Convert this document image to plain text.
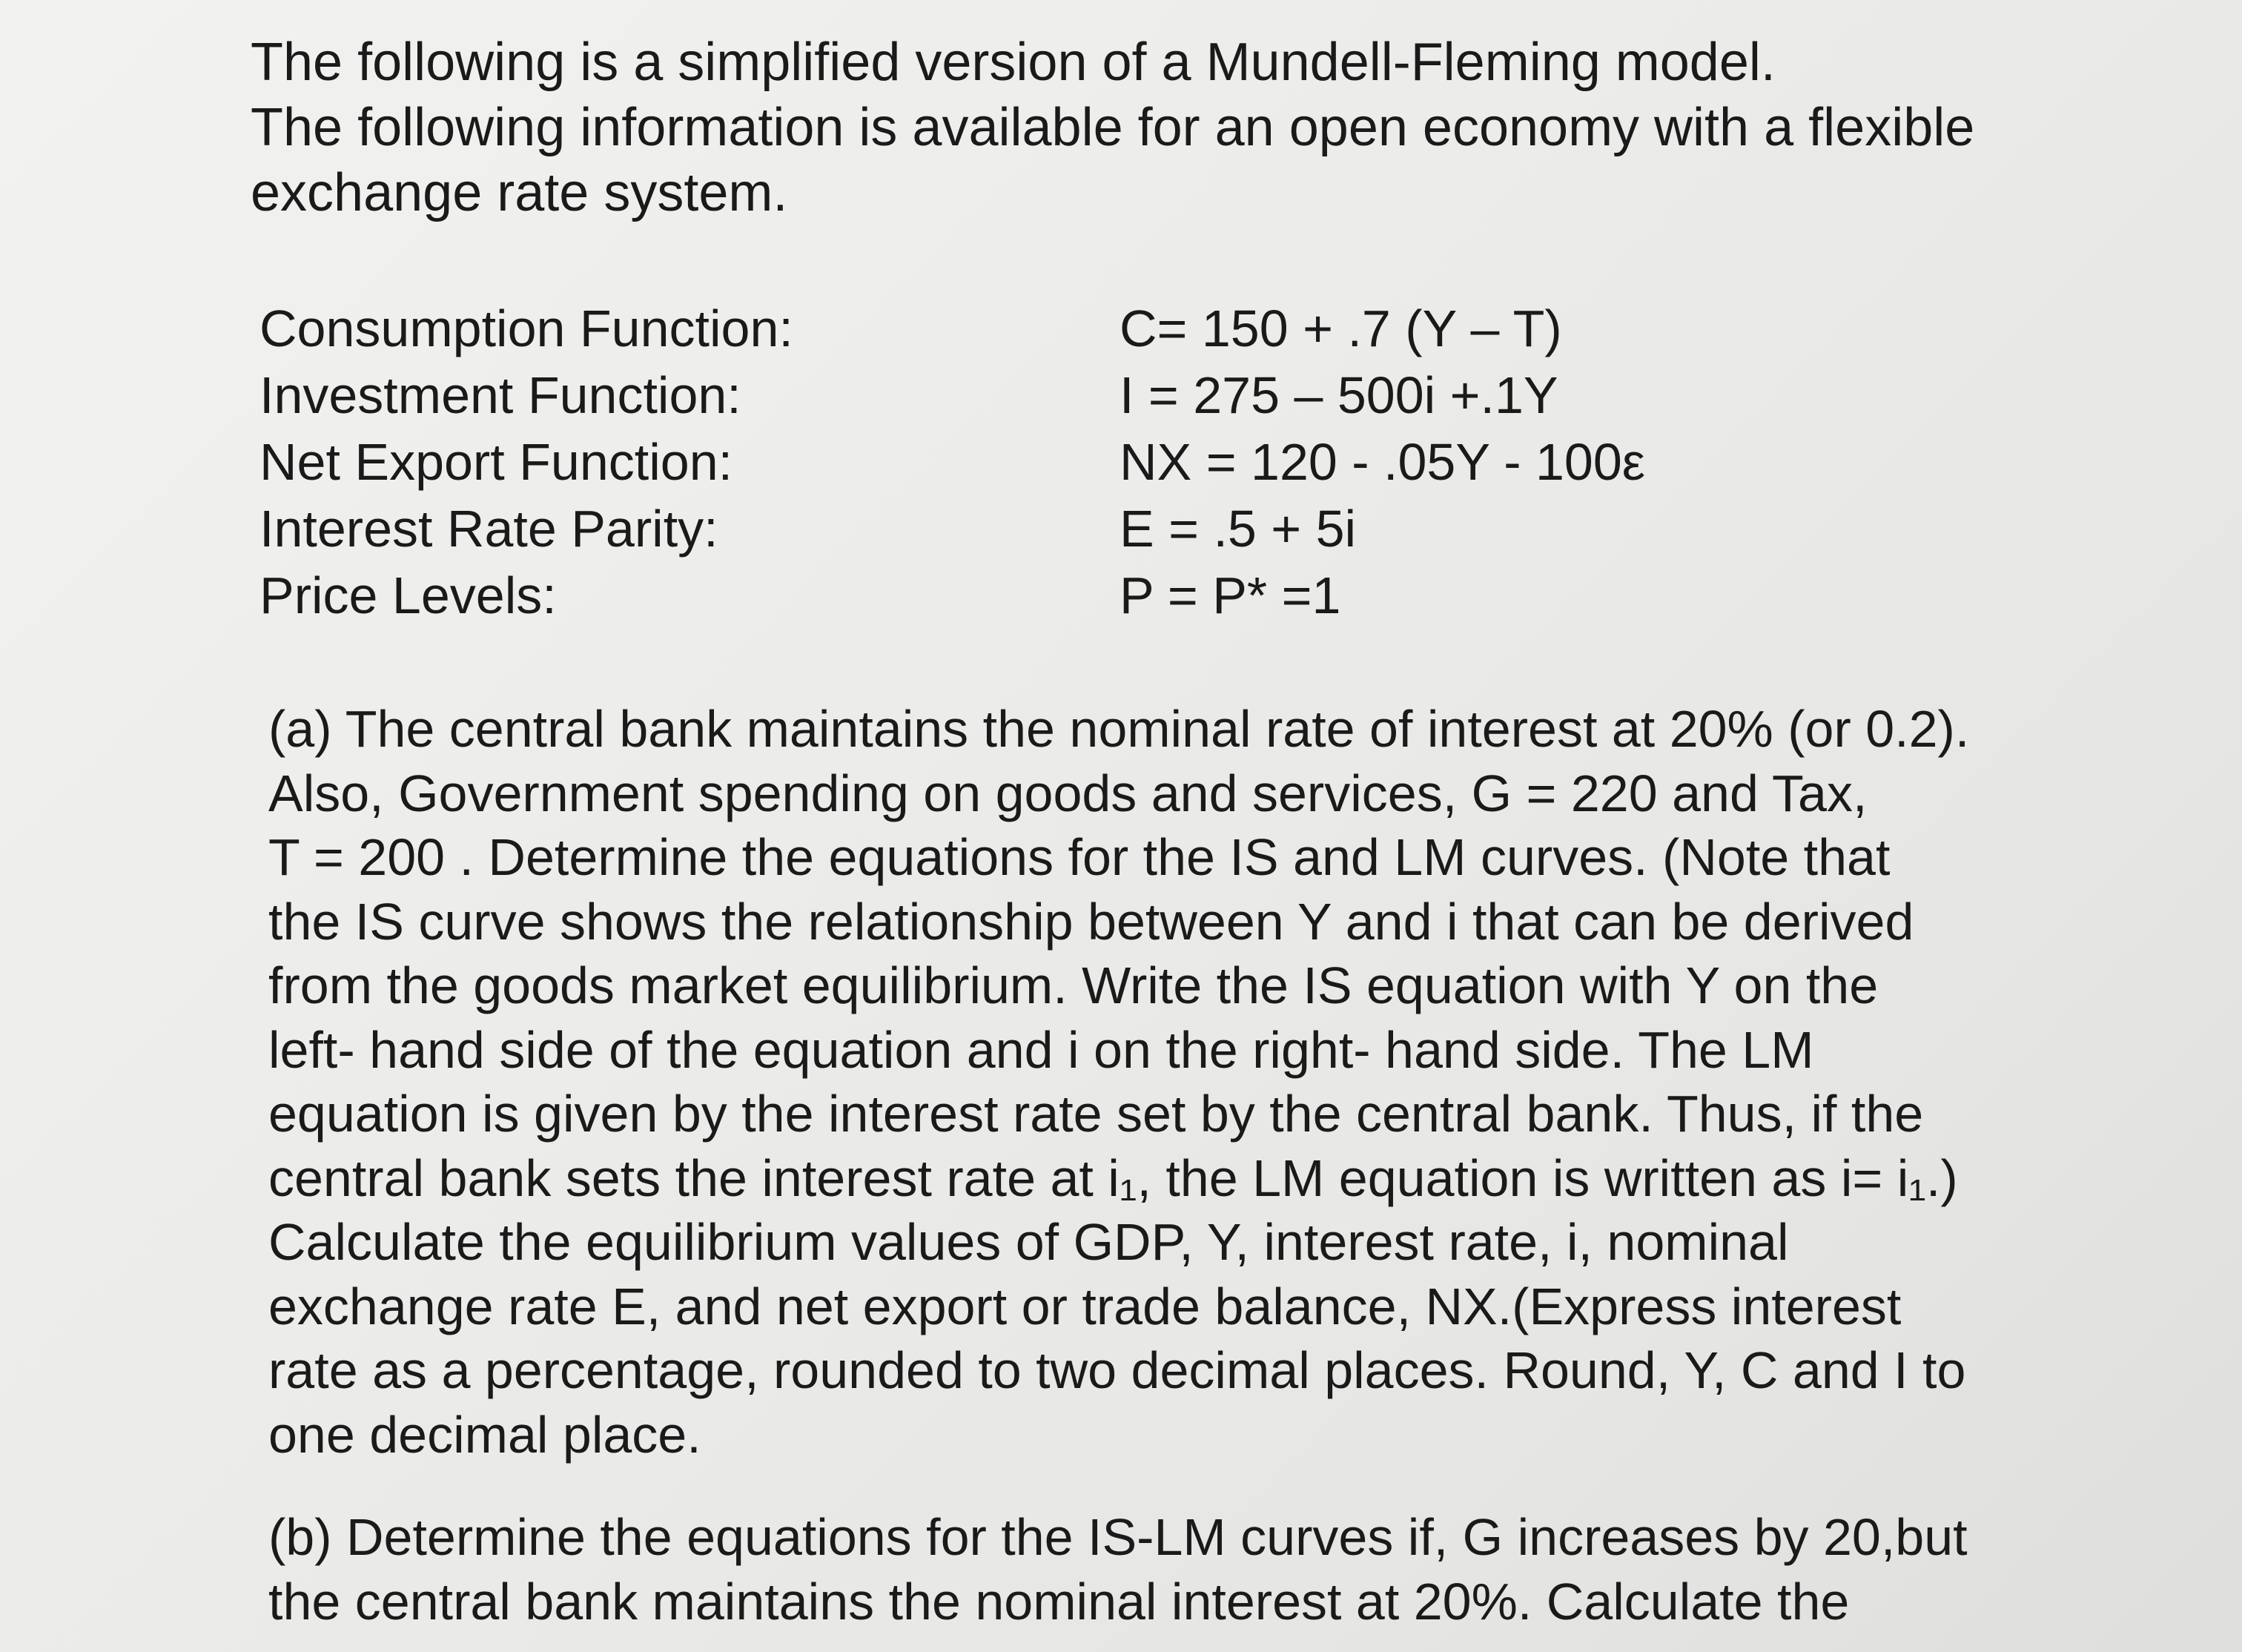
The following is a simplified version of a Mundell-Fleming model.
The following information is available for an open economy with a flexible
exchange rate system.
Consumption Function:	C= 150 + .7 (Y – T)
Investment Function:	I = 275 – 500i +.1Y
Net Export Function:	NX = 120 - .05Y - 100ε
Interest Rate Parity:	E = .5 + 5i
Price Levels:	P = P* =1
(a) The central bank maintains the nominal rate of interest at 20% (or 0.2).
Also, Government spending on goods and services, G = 220 and Tax,
T = 200 . Determine the equations for the IS and LM curves. (Note that
the IS curve shows the relationship between Y and i that can be derived
from the goods market equilibrium. Write the IS equation with Y on the
left- hand side of the equation and i on the right- hand side. The LM
equation is given by the interest rate set by the central bank. Thus, if the
central bank sets the interest rate at i₁, the LM equation is written as i= i₁.)
Calculate the equilibrium values of GDP, Y, interest rate, i, nominal
exchange rate E, and net export or trade balance, NX.(Express interest
rate as a percentage, rounded to two decimal places. Round, Y, C and I to
one decimal place.
(b) Determine the equations for the IS-LM curves if, G increases by 20,but
the central bank maintains the nominal interest at 20%. Calculate the
